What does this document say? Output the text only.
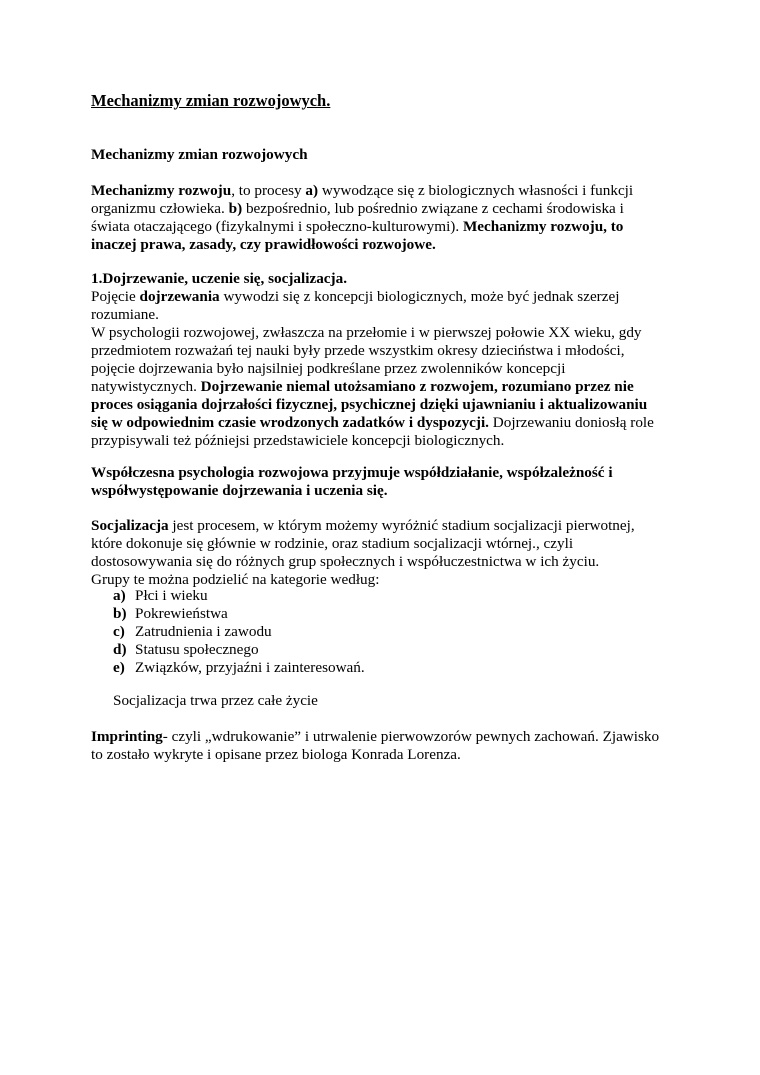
Mechanizmy zmian rozwojowych.

Mechanizmy zmian rozwojowych

Mechanizmy rozwoju, to procesy a) wywodzące się z biologicznych własności i funkcji
organizmu człowieka. b) bezpośrednio, lub pośrednio związane z cechami środowiska i
świata otaczającego (fizykalnymi i społeczno-kulturowymi). Mechanizmy rozwoju, to
inaczej prawa, zasady, czy prawidłowości rozwojowe.

1.Dojrzewanie, uczenie się, socjalizacja.
Pojęcie dojrzewania wywodzi się z koncepcji biologicznych, może być jednak szerzej
rozumiane.
W psychologii rozwojowej, zwłaszcza na przełomie i w pierwszej połowie XX wieku, gdy
przedmiotem rozważań tej nauki były przede wszystkim okresy dzieciństwa i młodości,
pojęcie dojrzewania było najsilniej podkreślane przez zwolenników koncepcji
natywistycznych. Dojrzewanie niemal utożsamiano z rozwojem, rozumiano przez nie
proces osiągania dojrzałości fizycznej, psychicznej dzięki ujawnianiu i aktualizowaniu
się w odpowiednim czasie wrodzonych zadatków i dyspozycji. Dojrzewaniu doniosłą role
przypisywali też późniejsi przedstawiciele koncepcji biologicznych.

Współczesna psychologia rozwojowa przyjmuje współdziałanie, współzależność i
współwystępowanie dojrzewania i uczenia się.

Socjalizacja jest procesem, w którym możemy wyróżnić stadium socjalizacji pierwotnej,
które dokonuje się głównie w rodzinie, oraz stadium socjalizacji wtórnej., czyli
dostosowywania się do różnych grup społecznych i współuczestnictwa w ich życiu.
Grupy te można podzielić na kategorie według:

a) Płci i wieku
b) Pokrewieństwa
c) Zatrudnienia i zawodu
d) Statusu społecznego
e) Związków, przyjaźni i zainteresowań.

Socjalizacja trwa przez całe życie

Imprinting- czyli „wdrukowanie” i utrwalenie pierwowzorów pewnych zachowań. Zjawisko
to zostało wykryte i opisane przez biologa Konrada Lorenza.
